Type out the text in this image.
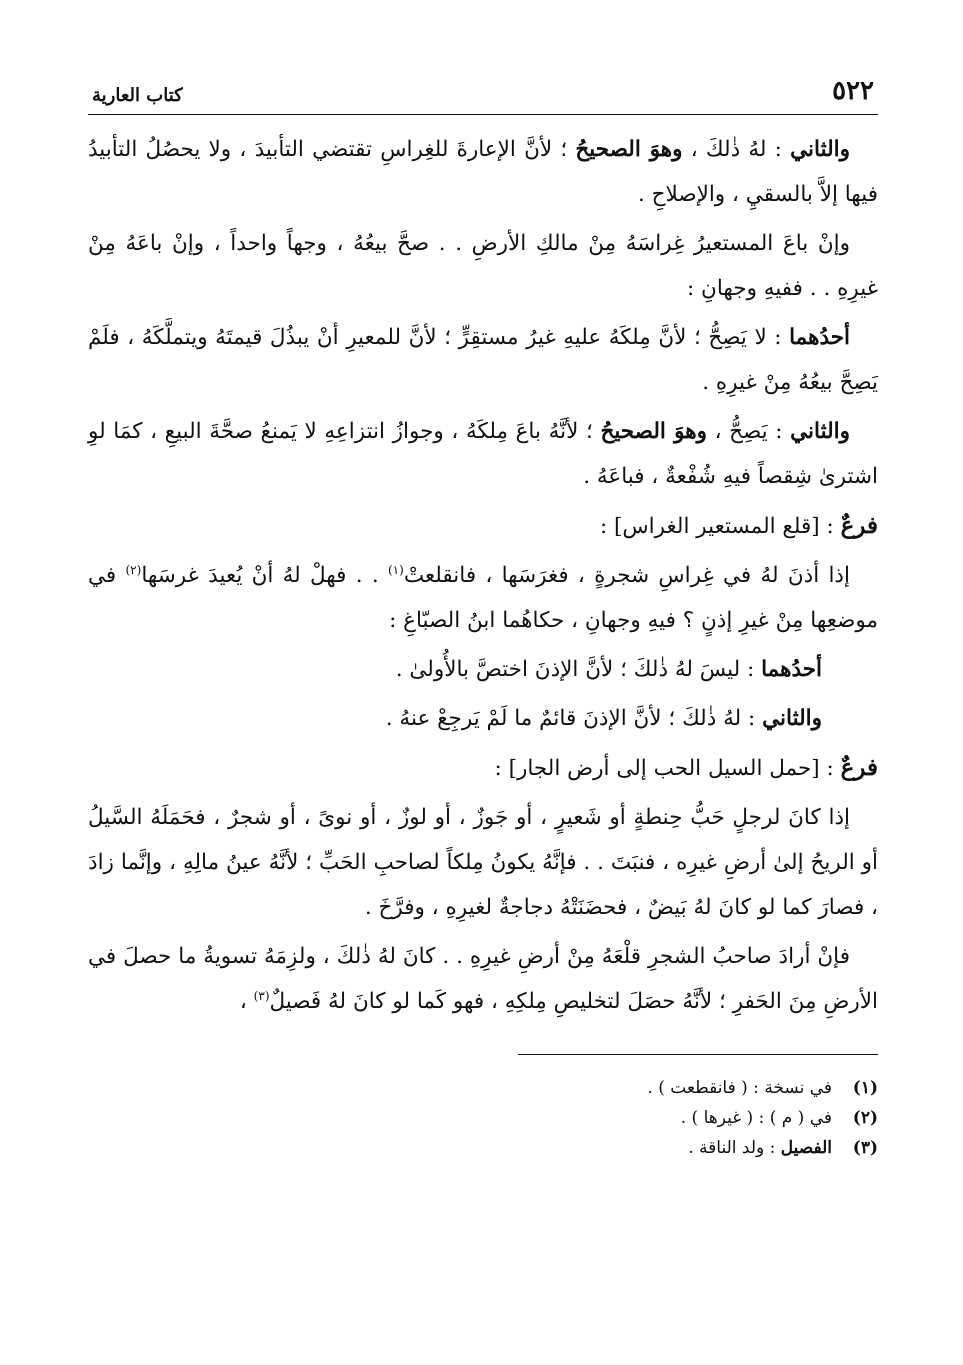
٥٢٢
كتاب العارية

والثاني : لهُ ذٰلكَ ، وهوَ الصحيحُ ؛ لأنَّ الإعارةَ للغِراسِ تقتضي التأبيدَ ، ولا يحصُلُ التأبيدُ فيها إلاَّ بالسقيِ ، والإصلاحِ .

وإنْ باعَ المستعيرُ غِراسَهُ مِنْ مالكِ الأرضِ . . صحَّ بيعُهُ ، وجهاً واحداً ، وإنْ باعَهُ مِنْ غيرِهِ . . ففيهِ وجهانِ :

أحدُهما : لا يَصِحُّ ؛ لأنَّ مِلكَهُ عليهِ غيرُ مستقِرٍّ ؛ لأنَّ للمعيرِ أنْ يبذُلَ قيمتَهُ ويتملَّكَهُ ، فلَمْ يَصِحَّ بيعُهُ مِنْ غيرِهِ .

والثاني : يَصِحُّ ، وهوَ الصحيحُ ؛ لأنَّهُ باعَ مِلكَهُ ، وجوازُ انتزاعِهِ لا يَمنعُ صحَّةَ البيعِ ، كمَا لوِ اشترىٰ شِقصاً فيهِ شُفْعةٌ ، فباعَهُ .

فرعٌ : [قلع المستعير الغراس] :

إذا أذنَ لهُ في غِراسِ شجرةٍ ، فغرَسَها ، فانقلعتْ$^{(١)}$ . . فهلْ لهُ أنْ يُعيدَ غرسَها$^{(٢)}$ في موضعِها مِنْ غيرِ إذنٍ ؟ فيهِ وجهانِ ، حكاهُما ابنُ الصبّاغِ :

أحدُهما : ليسَ لهُ ذٰلكَ ؛ لأنَّ الإذنَ اختصَّ بالأُولىٰ .

والثاني : لهُ ذٰلكَ ؛ لأنَّ الإذنَ قائمٌ ما لَمْ يَرجِعْ عنهُ .

فرعٌ : [حمل السيل الحب إلى أرض الجار] :

إذا كانَ لرجلٍ حَبُّ حِنطةٍ أو شَعيرٍ ، أو جَوزٌ ، أو لوزٌ ، أو نوىً ، أو شجرٌ ، فحَمَلَهُ السَّيلُ أو الريحُ إلىٰ أرضِ غيرِه ، فنبَتَ . . فإنَّهُ يكونُ مِلكاً لصاحبِ الحَبِّ ؛ لأنَّهُ عينُ مالِهِ ، وإنَّما زادَ ، فصارَ كما لو كانَ لهُ بَيضٌ ، فحضَنَتْهُ دجاجةٌ لغيرِهِ ، وفرَّخَ .

فإنْ أرادَ صاحبُ الشجرِ قلْعَهُ مِنْ أرضِ غيرِهِ . . كانَ لهُ ذٰلكَ ، ولزِمَهُ تسويةُ ما حصلَ في الأرضِ مِنَ الحَفرِ ؛ لأنَّهُ حصَلَ لتخليصِ مِلكِهِ ، فهو كَما لو كانَ لهُ فَصيلٌ$^{(٣)}$ ،

(١)
في نسخة : ( فانقطعت ) .
(٢)
في ( م ) : ( غيرها ) .
(٣)
الفصيل : ولد الناقة .
